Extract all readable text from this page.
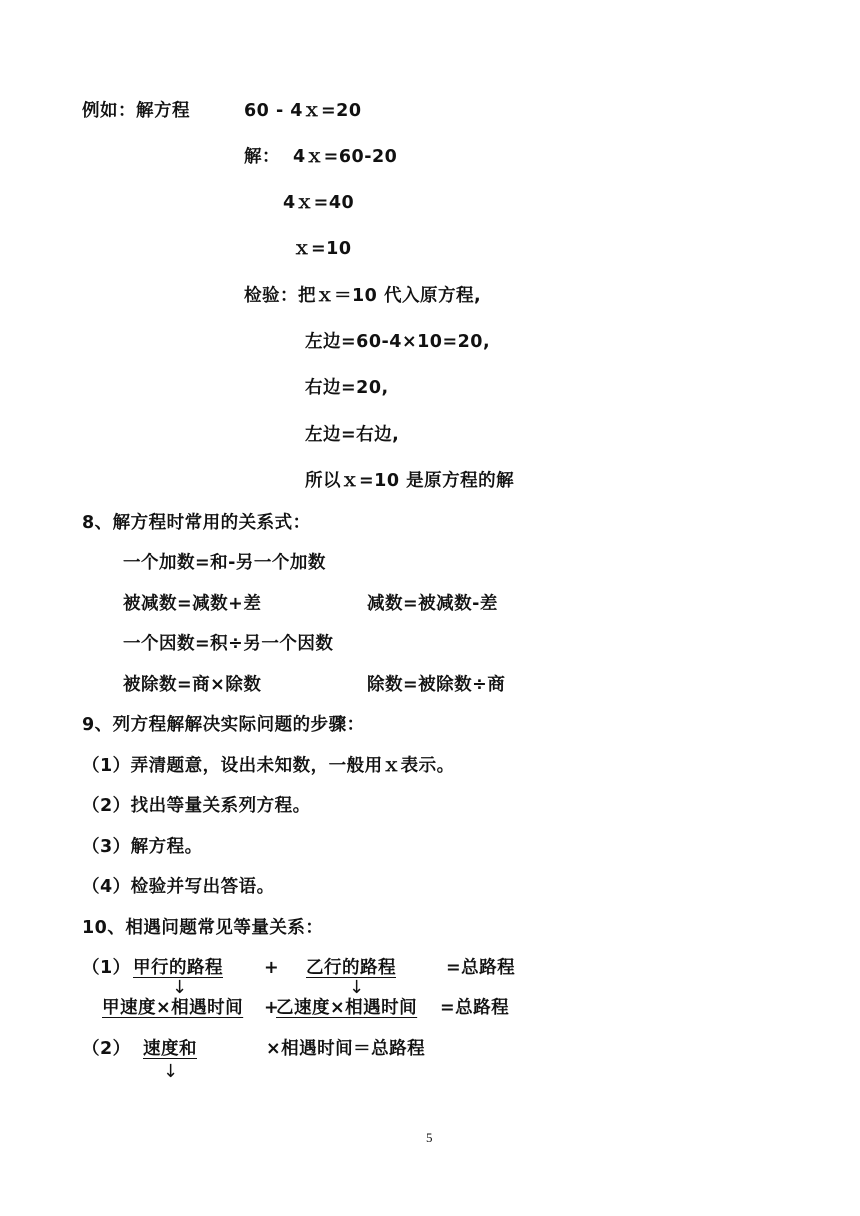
例如：解方程	60 - 4ｘ=20
解： 4ｘ=60-20
4ｘ=40
ｘ=10
检验：把ｘ＝10 代入原方程,
左边=60-4×10=20,
右边=20,
左边=右边,
所以ｘ=10 是原方程的解
8、解方程时常用的关系式：
一个加数=和-另一个加数
被减数=减数+差	减数=被减数-差
一个因数=积÷另一个因数
被除数=商×除数	除数=被除数÷商
9、列方程解解决实际问题的步骤：
（1）弄清题意，设出未知数，一般用ｘ表示。
（2）找出等量关系列方程。
（3）解方程。
（4）检验并写出答语。
10、相遇问题常见等量关系：
（1） 甲行的路程 + 乙行的路程	=总路程
↓	↓
甲速度×相遇时间 +
乙速度×相遇时间 =总路程
（2） 速度和	×相遇时间＝总路程
↓
5
